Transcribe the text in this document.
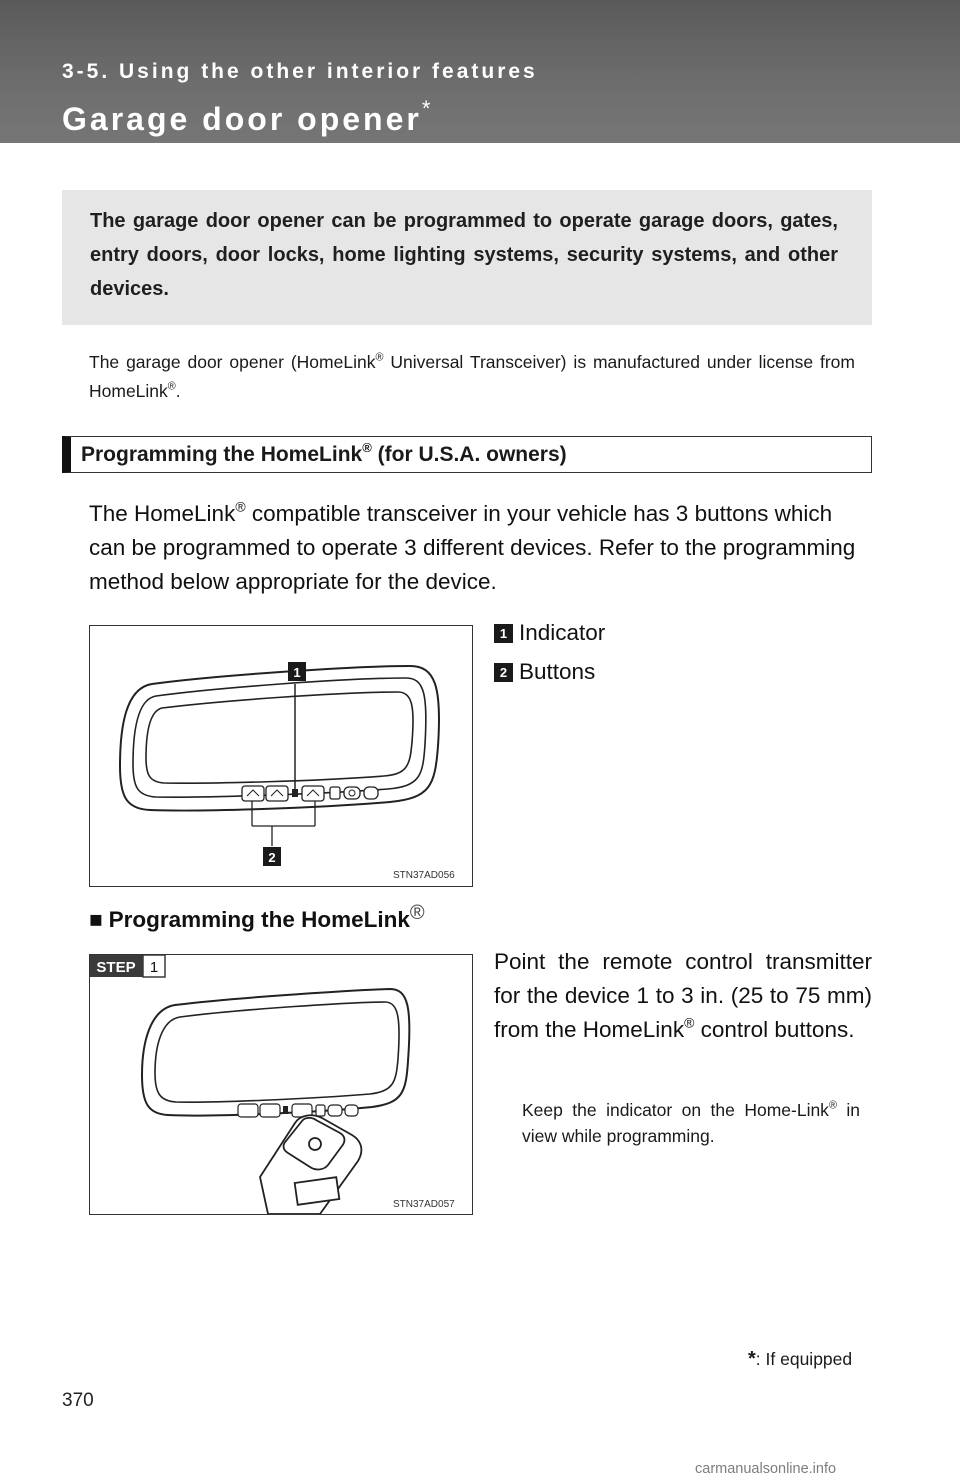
3-5. Using the other interior features
Garage door opener*
The garage door opener can be programmed to operate garage doors, gates, entry doors, door locks, home lighting systems, security systems, and other devices.
The garage door opener (HomeLink® Universal Transceiver) is manufactured under license from HomeLink®.
Programming the HomeLink® (for U.S.A. owners)
The HomeLink® compatible transceiver in your vehicle has 3 buttons which can be programmed to operate 3 different devices. Refer to the programming method below appropriate for the device.
1
2
STN37AD056
1 Indicator
2 Buttons
■ Programming the HomeLink®
STEP 1
STN37AD057
Point the remote control transmitter for the device 1 to 3 in. (25 to 75 mm) from the HomeLink® control buttons.
Keep the indicator on the Home-Link® in view while programming.
*: If equipped
370
carmanualsonline.info
